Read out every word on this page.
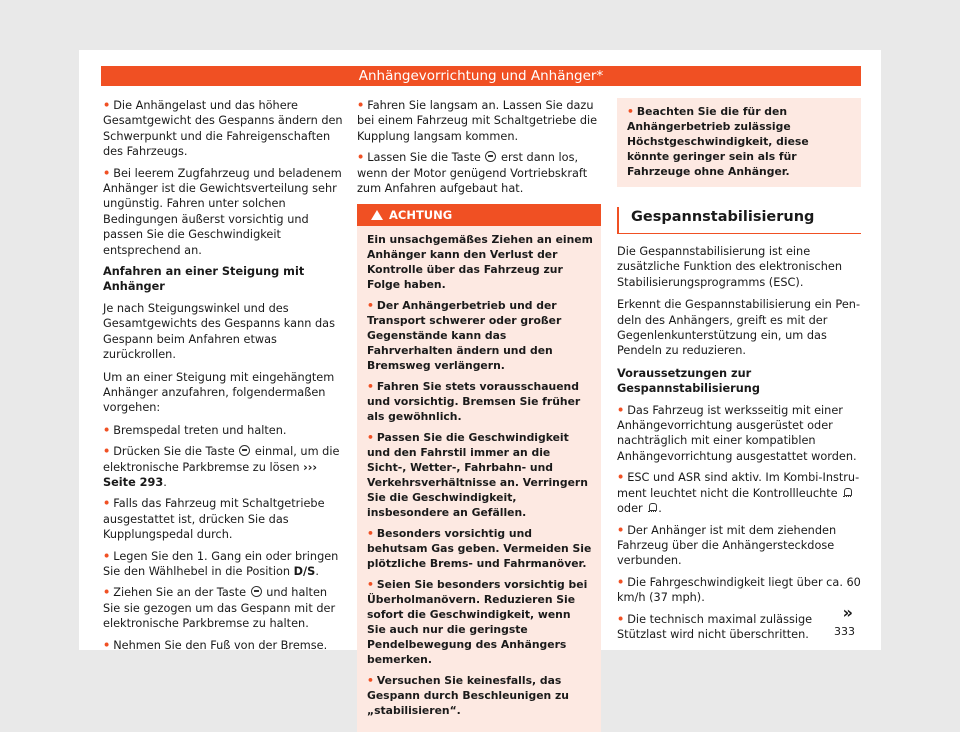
Anhängevorrichtung und Anhänger*
• Die Anhängelast und das höhere Gesamtgewicht des Gespanns ändern den Schwerpunkt und die Fahreigenschaften des Fahrzeugs.
• Bei leerem Zugfahrzeug und beladenem Anhänger ist die Gewichtsverteilung sehr ungünstig. Fahren unter solchen Bedingungen äußerst vorsichtig und passen Sie die Geschwindigkeit entsprechend an.
Anfahren an einer Steigung mit Anhänger

Je nach Steigungswinkel und des Gesamtgewichts des Gespanns kann das Gespann beim Anfahren etwas zurückrollen.

Um an einer Steigung mit eingehängtem Anhänger anzufahren, folgendermaßen vorgehen:

• Bremspedal treten und halten.
• Drücken Sie die Taste einmal, um die elektronische Parkbremse zu lösen ››› Seite 293.
• Falls das Fahrzeug mit Schaltgetriebe ausgestattet ist, drücken Sie das Kupplungspedal durch.
• Legen Sie den 1. Gang ein oder bringen Sie den Wählhebel in die Position D/S.
• Ziehen Sie an der Taste und halten Sie sie gezogen um das Gespann mit der elektronische Parkbremse zu halten.
• Nehmen Sie den Fuß von der Bremse.
• Fahren Sie langsam an. Lassen Sie dazu bei einem Fahrzeug mit Schaltgetriebe die Kupplung langsam kommen.
• Lassen Sie die Taste erst dann los, wenn der Motor genügend Vortriebskraft zum Anfahren aufgebaut hat.
ACHTUNG

Ein unsachgemäßes Ziehen an einem Anhänger kann den Verlust der Kontrolle über das Fahrzeug zur Folge haben.

• Der Anhängerbetrieb und der Transport schwerer oder großer Gegenstände kann das Fahrverhalten ändern und den Bremsweg verlängern.
• Fahren Sie stets vorausschauend und vorsichtig. Bremsen Sie früher als gewöhnlich.
• Passen Sie die Geschwindigkeit und den Fahrstil immer an die Sicht-, Wetter-, Fahrbahn- und Verkehrsverhältnisse an. Verringern Sie die Geschwindigkeit, insbesondere an Gefällen.
• Besonders vorsichtig und behutsam Gas geben. Vermeiden Sie plötzliche Brems- und Fahrmanöver.
• Seien Sie besonders vorsichtig bei Überholmanövern. Reduzieren Sie sofort die Geschwindigkeit, wenn Sie auch nur die geringste Pendelbewegung des Anhängers bemerken.
• Versuchen Sie keinesfalls, das Gespann durch Beschleunigen zu „stabilisieren“.
• Beachten Sie die für den Anhängerbetrieb zulässige Höchstgeschwindigkeit, diese könnte geringer sein als für Fahrzeuge ohne Anhänger.
Gespannstabilisierung

Die Gespannstabilisierung ist eine zusätzliche Funktion des elektronischen Stabilisierungsprogramms (ESC).

Erkennt die Gespannstabilisierung ein Pendeln des Anhängers, greift es mit der Gegenlenkunterstützung ein, um das Pendeln zu reduzieren.

Voraussetzungen zur Gespannstabilisierung
• Das Fahrzeug ist werksseitig mit einer Anhängevorrichtung ausgerüstet oder nachträglich mit einer kompatiblen Anhängevorrichtung ausgestattet worden.
• ESC und ASR sind aktiv. Im Kombi-Instrument leuchtet nicht die Kontrollleuchte  oder .
• Der Anhänger ist mit dem ziehenden Fahrzeug über die Anhängersteckdose verbunden.
• Die Fahrgeschwindigkeit liegt über ca. 60 km/h (37 mph).
• Die technisch maximal zulässige Stützlast wird nicht überschritten.
»
333
